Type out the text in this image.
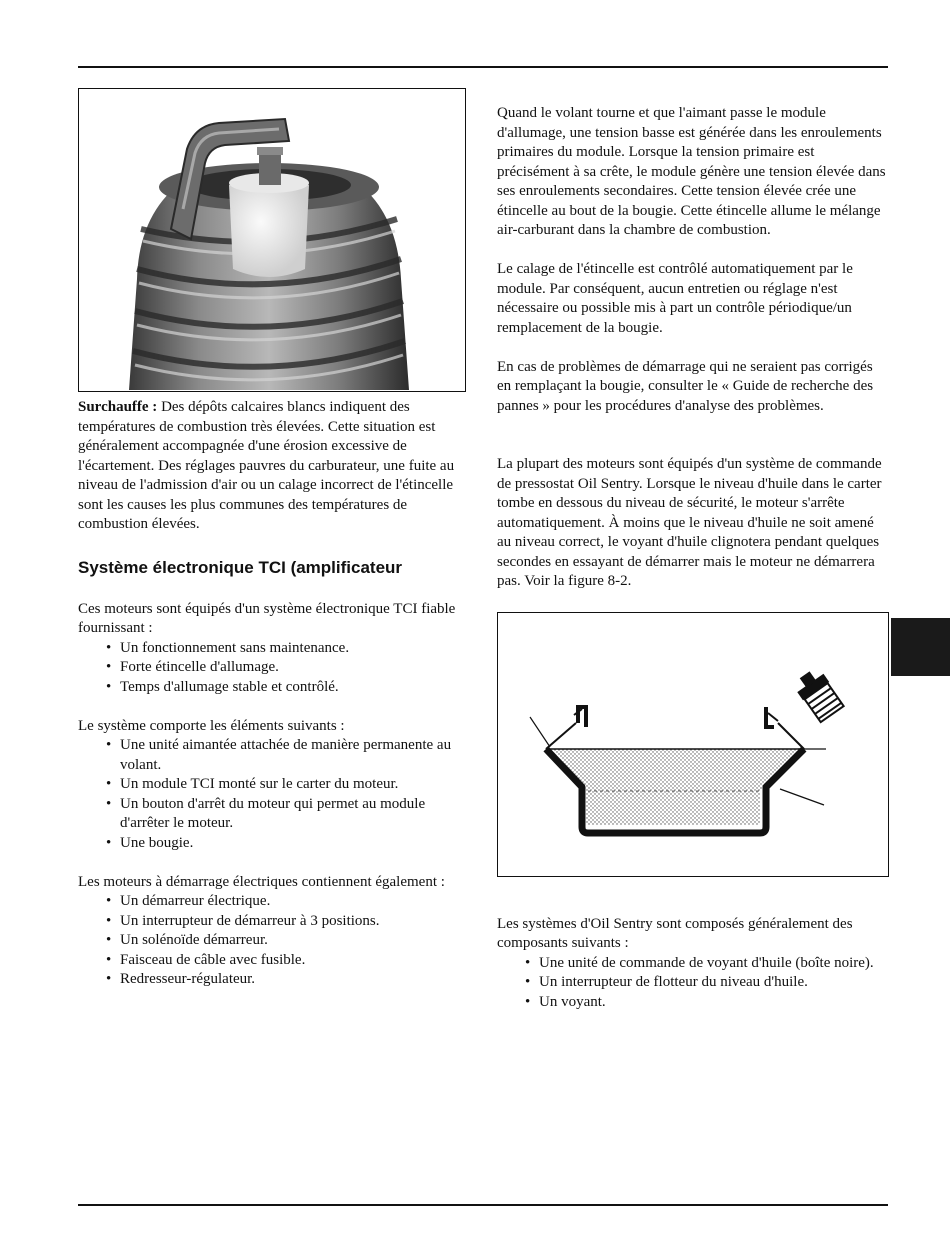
Surchauffe : Des dépôts calcaires blancs indiquent des températures de combustion très élevées. Cette situation est généralement accompagnée d'une érosion excessive de l'écartement. Des réglages pauvres du carburateur, une fuite au niveau de l'admission d'air ou un calage incorrect de l'étincelle sont les causes les plus communes des températures de combustion élevées.

Système électronique TCI (amplificateur

Ces moteurs sont équipés d'un système électronique TCI fiable fournissant :

• Un fonctionnement sans maintenance.
• Forte étincelle d'allumage.
• Temps d'allumage stable et contrôlé.

Le système comporte les éléments suivants :

• Une unité aimantée attachée de manière permanente au volant.
• Un module TCI monté sur le carter du moteur.
• Un bouton d'arrêt du moteur qui permet au module d'arrêter le moteur.
• Une bougie.

Les moteurs à démarrage électriques contiennent également :

• Un démarreur électrique.
• Un interrupteur de démarreur à 3 positions.
• Un solénoïde démarreur.
• Faisceau de câble avec fusible.
• Redresseur-régulateur.

Quand le volant tourne et que l'aimant passe le module d'allumage, une tension basse est générée dans les enroulements primaires du module. Lorsque la tension primaire est précisément à sa crête, le module génère une tension élevée dans ses enroulements secondaires. Cette tension élevée crée une étincelle au bout de la bougie. Cette étincelle allume le mélange air-carburant dans la chambre de combustion.

Le calage de l'étincelle est contrôlé automatiquement par le module. Par conséquent, aucun entretien ou réglage n'est nécessaire ou possible mis à part un contrôle périodique/un remplacement de la bougie.

En cas de problèmes de démarrage qui ne seraient pas corrigés en remplaçant la bougie, consulter le « Guide de recherche des pannes » pour les procédures d'analyse des problèmes.

La plupart des moteurs sont équipés d'un système de commande de pressostat Oil Sentry. Lorsque le niveau d'huile dans le carter tombe en dessous du niveau de sécurité, le moteur s'arrête automatiquement. À moins que le niveau d'huile ne soit amené au niveau correct, le voyant d'huile clignotera pendant quelques secondes en essayant de démarrer mais le moteur ne démarrera pas. Voir la figure 8-2.

Les systèmes d'Oil Sentry sont composés généralement des composants suivants :

• Une unité de commande de voyant d'huile (boîte noire).
• Un interrupteur de flotteur du niveau d'huile.
• Un voyant.
